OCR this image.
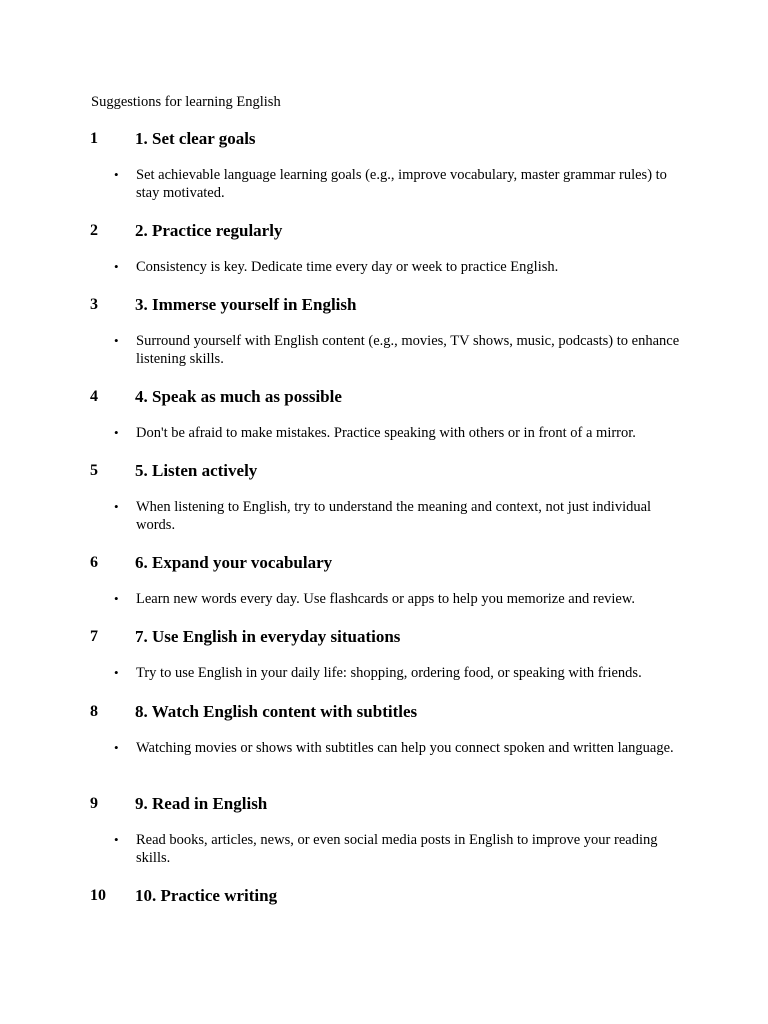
Suggestions for learning English
1 1. Set clear goals
• Set achievable language learning goals (e.g., improve vocabulary, master grammar rules) to stay motivated.
2 2. Practice regularly
• Consistency is key. Dedicate time every day or week to practice English.
3 3. Immerse yourself in English
• Surround yourself with English content (e.g., movies, TV shows, music, podcasts) to enhance listening skills.
4 4. Speak as much as possible
• Don't be afraid to make mistakes. Practice speaking with others or in front of a mirror.
5 5. Listen actively
• When listening to English, try to understand the meaning and context, not just individual words.
6 6. Expand your vocabulary
• Learn new words every day. Use flashcards or apps to help you memorize and review.
7 7. Use English in everyday situations
• Try to use English in your daily life: shopping, ordering food, or speaking with friends.
8 8. Watch English content with subtitles
• Watching movies or shows with subtitles can help you connect spoken and written language.
9 9. Read in English
• Read books, articles, news, or even social media posts in English to improve your reading skills.
10 10. Practice writing
